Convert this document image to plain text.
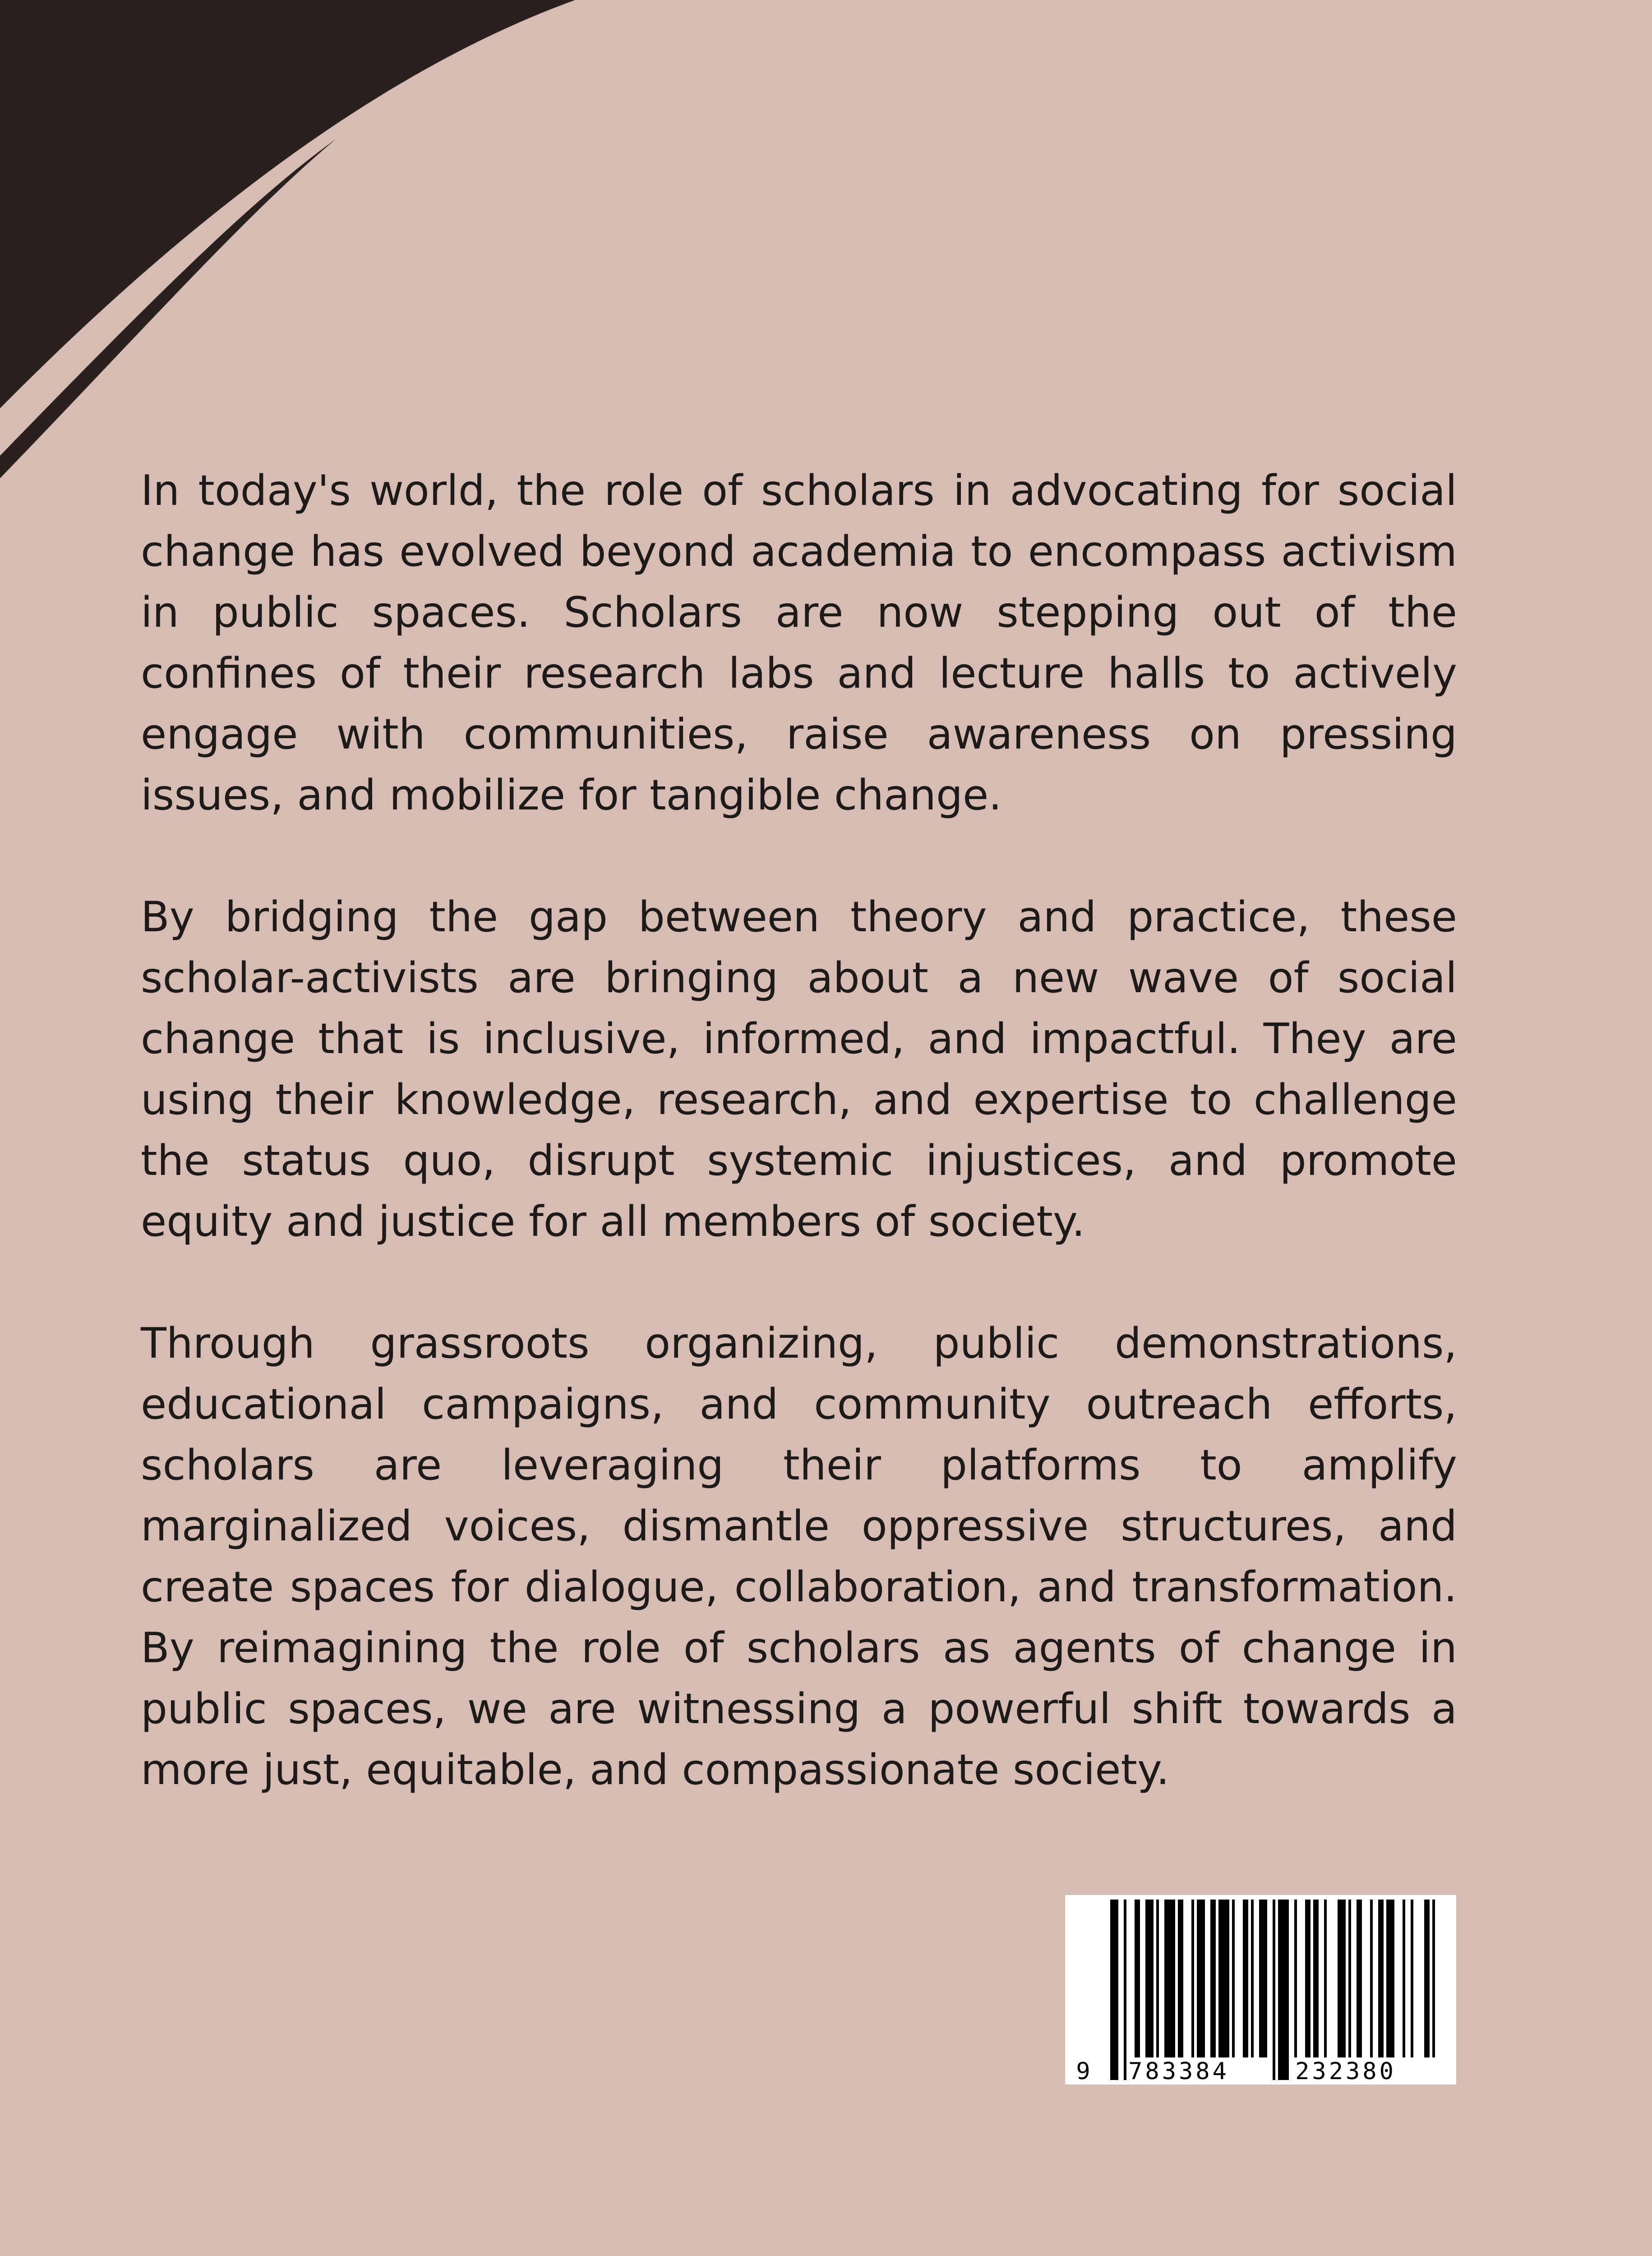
In today's world, the role of scholars in advocating for social change has evolved beyond academia to encompass activism in public spaces. Scholars are now stepping out of the confines of their research labs and lecture halls to actively engage with communities, raise awareness on pressing issues, and mobilize for tangible change.

By bridging the gap between theory and practice, these scholar-activists are bringing about a new wave of social change that is inclusive, informed, and impactful. They are using their knowledge, research, and expertise to challenge the status quo, disrupt systemic injustices, and promote equity and justice for all members of society.

Through grassroots organizing, public demonstrations, educational campaigns, and community outreach efforts, scholars are leveraging their platforms to amplify marginalized voices, dismantle oppressive structures, and create spaces for dialogue, collaboration, and transformation. By reimagining the role of scholars as agents of change in public spaces, we are witnessing a powerful shift towards a more just, equitable, and compassionate society.

9 783384	232380
